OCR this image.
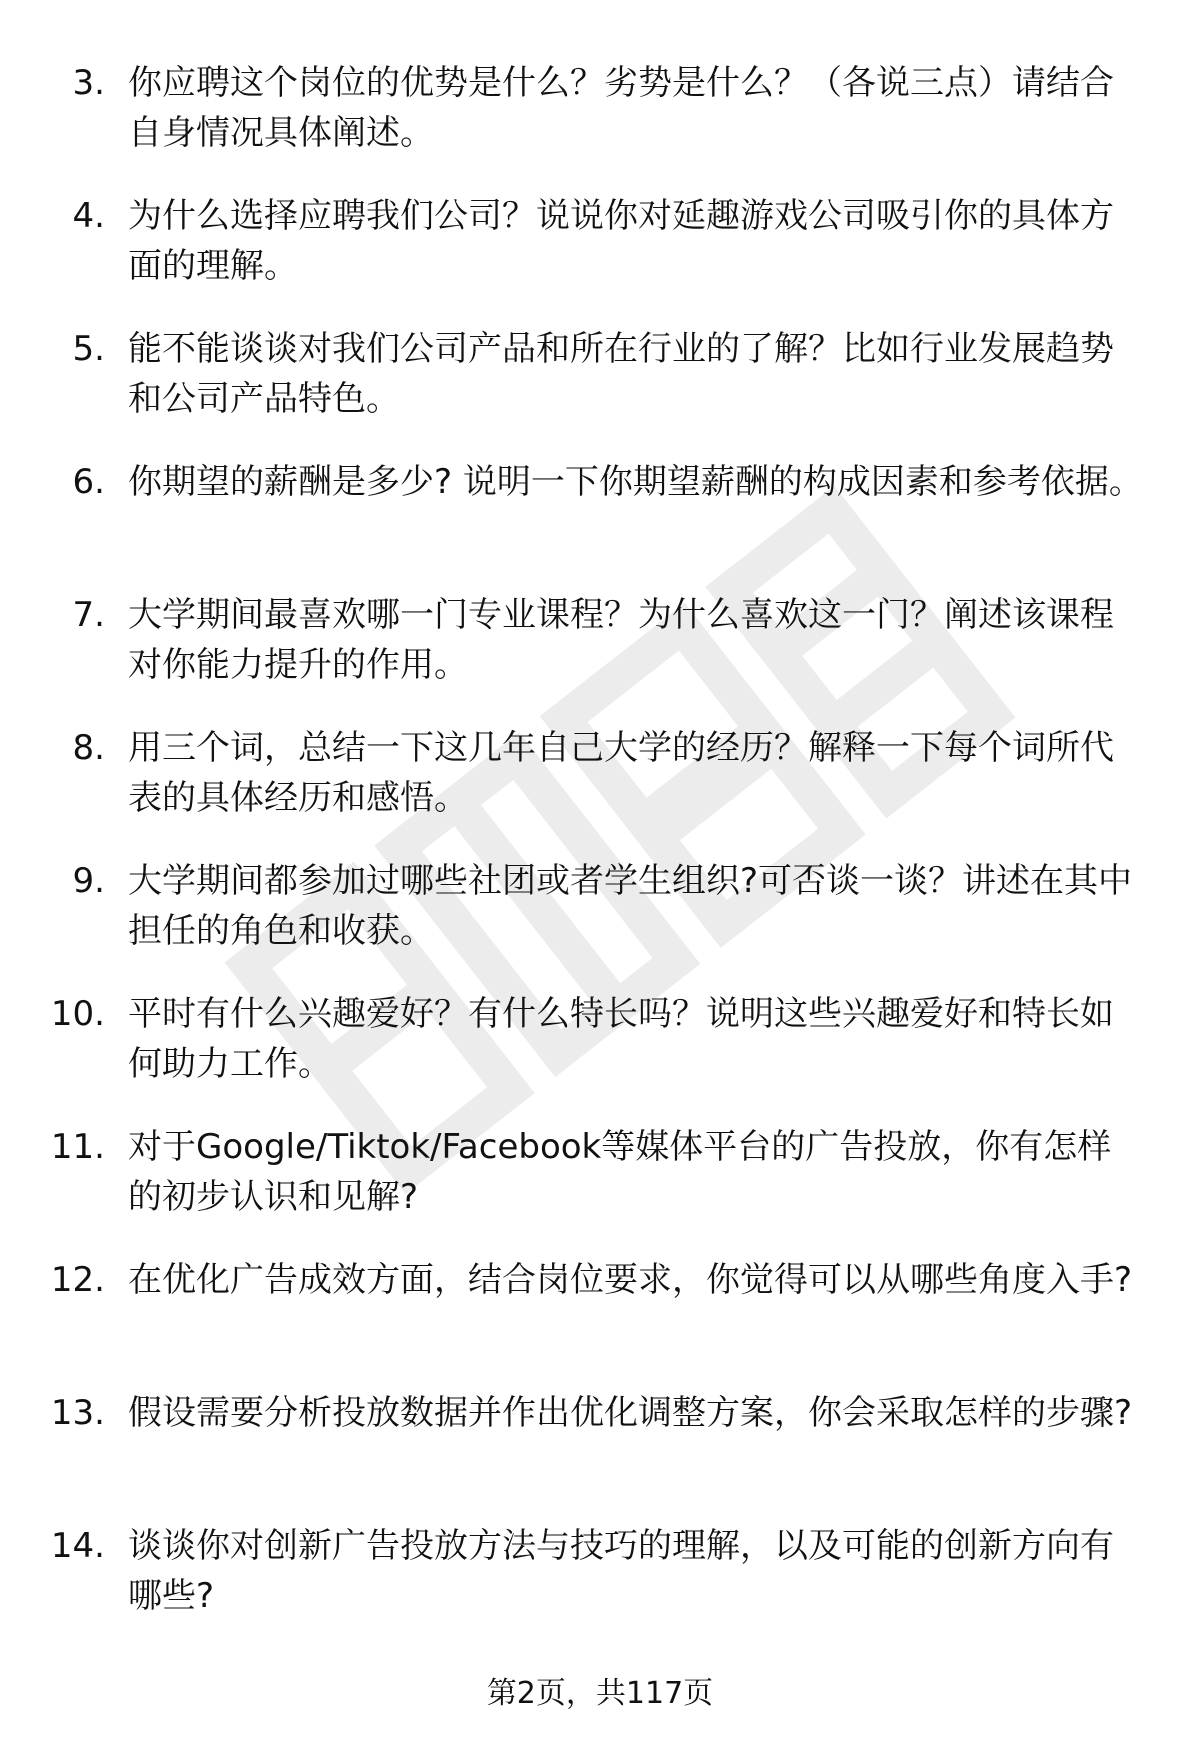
3. 你应聘这个岗位的优势是什么？劣势是什么？（各说三点）请结合自身情况具体阐述。
4. 为什么选择应聘我们公司？说说你对延趣游戏公司吸引你的具体方面的理解。
5. 能不能谈谈对我们公司产品和所在行业的了解？比如行业发展趋势和公司产品特色。
6. 你期望的薪酬是多少? 说明一下你期望薪酬的构成因素和参考依据。
7. 大学期间最喜欢哪一门专业课程？为什么喜欢这一门？阐述该课程对你能力提升的作用。
8. 用三个词，总结一下这几年自己大学的经历？解释一下每个词所代表的具体经历和感悟。
9. 大学期间都参加过哪些社团或者学生组织?可否谈一谈？讲述在其中担任的角色和收获。
10. 平时有什么兴趣爱好？有什么特长吗？说明这些兴趣爱好和特长如何助力工作。
11. 对于Google/Tiktok/Facebook等媒体平台的广告投放，你有怎样的初步认识和见解?
12. 在优化广告成效方面，结合岗位要求，你觉得可以从哪些角度入手?
13. 假设需要分析投放数据并作出优化调整方案，你会采取怎样的步骤?
14. 谈谈你对创新广告投放方法与技巧的理解，以及可能的创新方向有哪些?
第2页，共117页
